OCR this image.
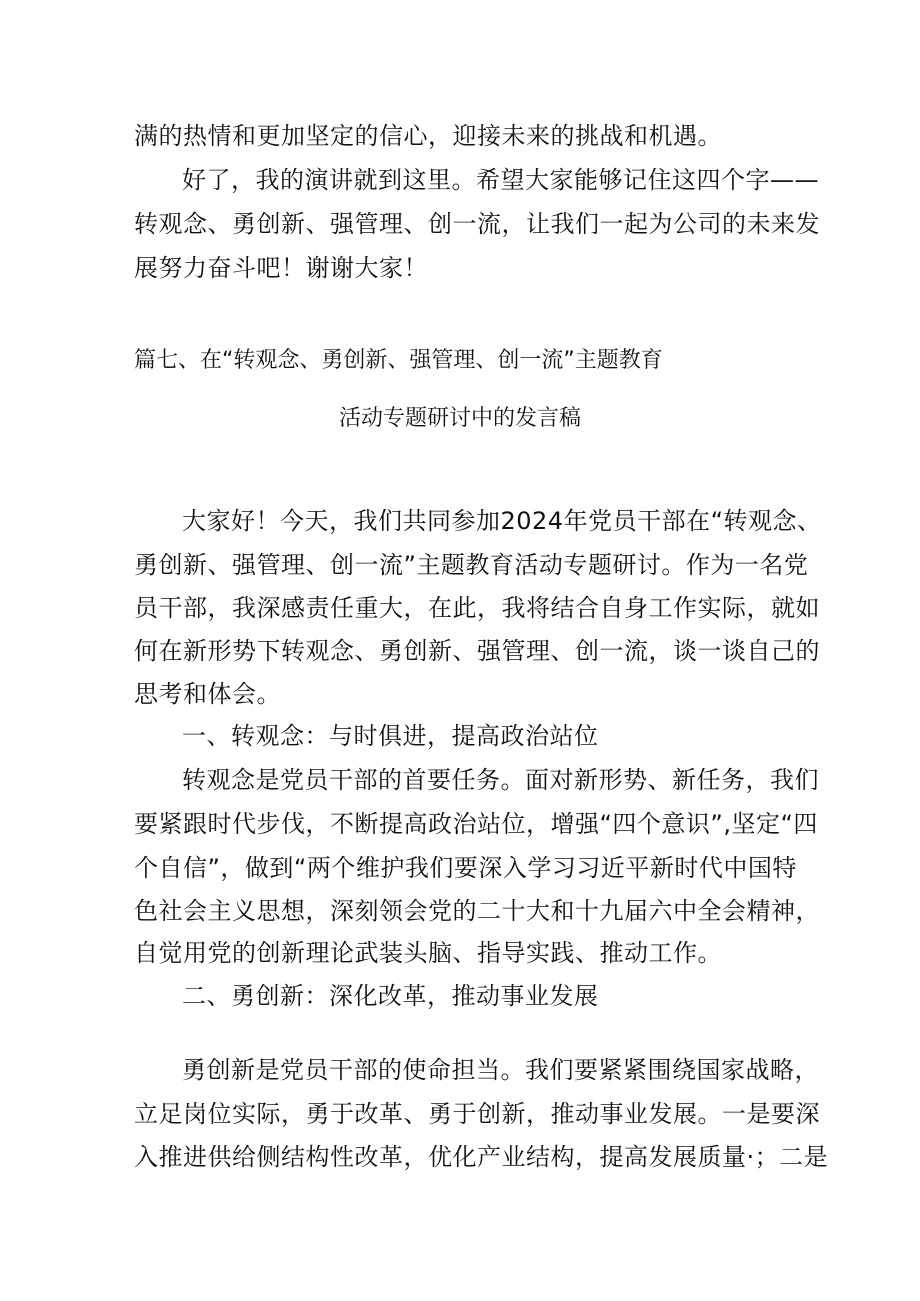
满的热情和更加坚定的信心，迎接未来的挑战和机遇。
好了，我的演讲就到这里。希望大家能够记住这四个字——
转观念、勇创新、强管理、创一流，让我们一起为公司的未来发
展努力奋斗吧！谢谢大家！
篇七、在“转观念、勇创新、强管理、创一流”主题教育
活动专题研讨中的发言稿
大家好！今天，我们共同参加2024年党员干部在“转观念、
勇创新、强管理、创一流”主题教育活动专题研讨。作为一名党
员干部，我深感责任重大，在此，我将结合自身工作实际，就如
何在新形势下转观念、勇创新、强管理、创一流，谈一谈自己的
思考和体会。
一、转观念：与时俱进，提高政治站位
转观念是党员干部的首要任务。面对新形势、新任务，我们
要紧跟时代步伐，不断提高政治站位，增强“四个意识”,坚定“四
个自信”，做到“两个维护我们要深入学习习近平新时代中国特
色社会主义思想，深刻领会党的二十大和十九届六中全会精神，
自觉用党的创新理论武装头脑、指导实践、推动工作。
二、勇创新：深化改革，推动事业发展
勇创新是党员干部的使命担当。我们要紧紧围绕国家战略，
立足岗位实际，勇于改革、勇于创新，推动事业发展。一是要深
入推进供给侧结构性改革，优化产业结构，提高发展质量·；二是
